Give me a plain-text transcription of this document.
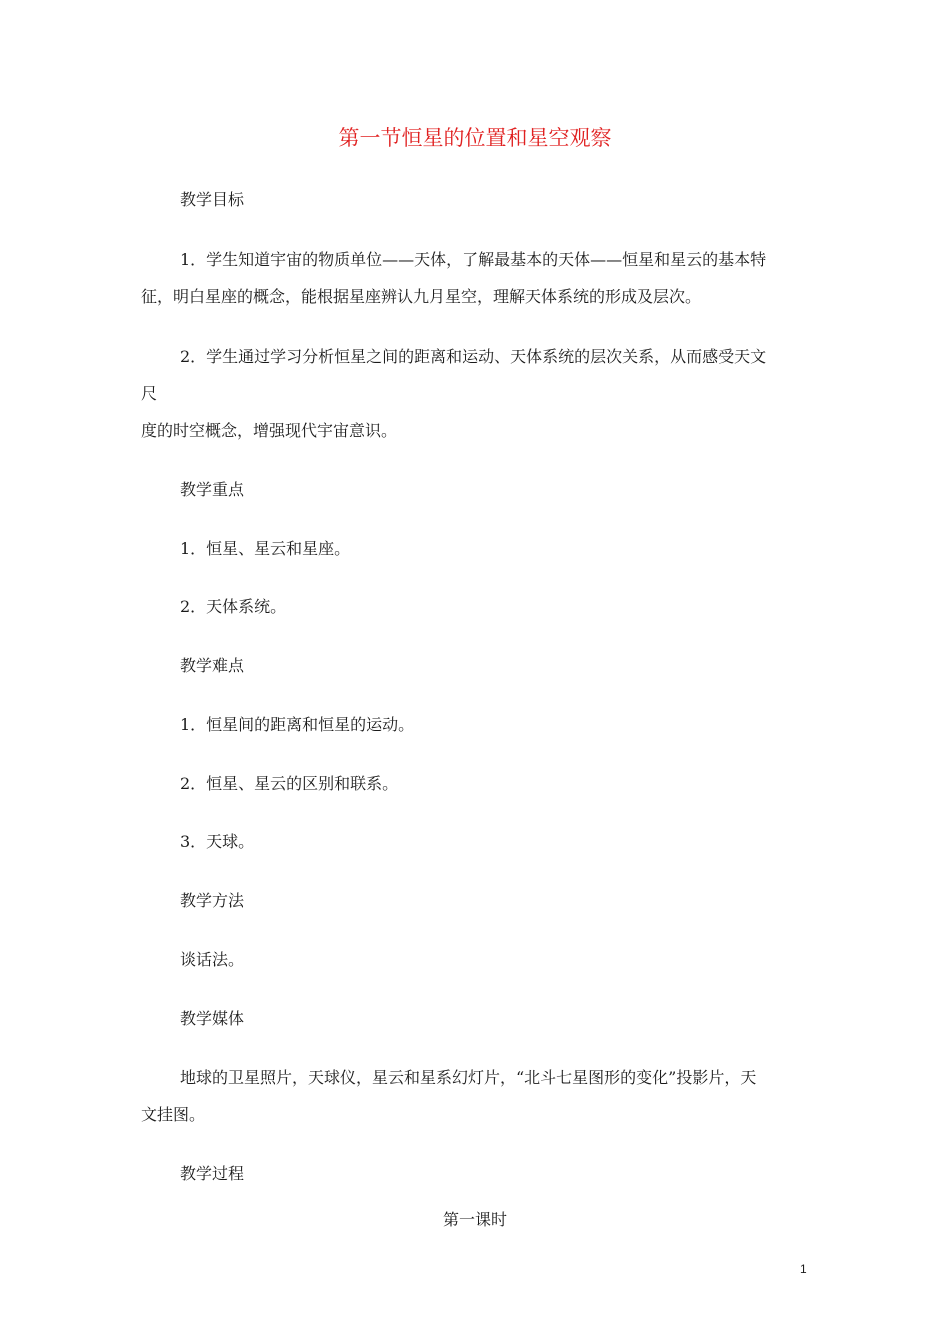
第一节恒星的位置和星空观察
教学目标
1．学生知道宇宙的物质单位——天体，了解最基本的天体——恒星和星云的基本特
征，明白星座的概念，能根据星座辨认九月星空，理解天体系统的形成及层次。
2．学生通过学习分析恒星之间的距离和运动、天体系统的层次关系，从而感受天文
尺
度的时空概念，增强现代宇宙意识。
教学重点
1．恒星、星云和星座。
2．天体系统。
教学难点
1．恒星间的距离和恒星的运动。
2．恒星、星云的区别和联系。
3．天球。
教学方法
谈话法。
教学媒体
地球的卫星照片，天球仪，星云和星系幻灯片，“北斗七星图形的变化”投影片，天
文挂图。
教学过程
第一课时
1
